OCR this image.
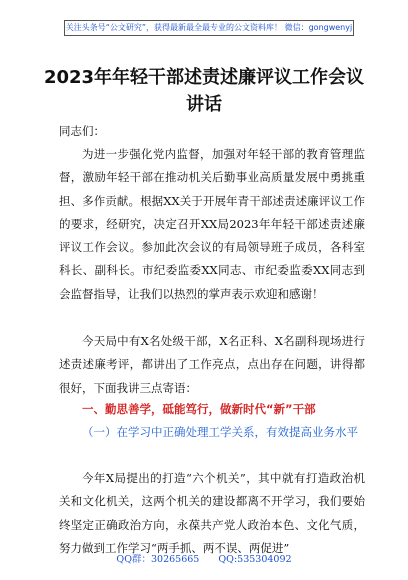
关注头条号“公文研究”，获得最新最全最专业的公文资料库！ 微信：gongwenyj
2023年年轻干部述责述廉评议工作会议讲话
同志们：
为进一步强化党内监督，加强对年轻干部的教育管理监督，激励年轻干部在推动机关后勤事业高质量发展中勇挑重担、多作贡献。根据XX关于开展年青干部述责述廉评议工作的要求，经研究，决定召开XX局2023年年轻干部述责述廉评议工作会议。参加此次会议的有局领导班子成员，各科室科长、副科长。市纪委监委XX同志、市纪委监委XX同志到会监督指导，让我们以热烈的掌声表示欢迎和感谢！
今天局中有X名处级干部，X名正科、X名副科现场进行述责述廉考评，都讲出了工作亮点，点出存在问题，讲得都很好，下面我讲三点寄语：
一、勤思善学，砥能笃行，做新时代“新”干部
（一）在学习中正确处理工学关系，有效提高业务水平
今年X局提出的打造“六个机关”，其中就有打造政治机关和文化机关，这两个机关的建设都离不开学习，我们要始终坚定正确政治方向，永葆共产党人政治本色、文化气质，努力做到工作学习“两手抓、两不误、两促进”
QQ群：30265665 QQ:535304092
